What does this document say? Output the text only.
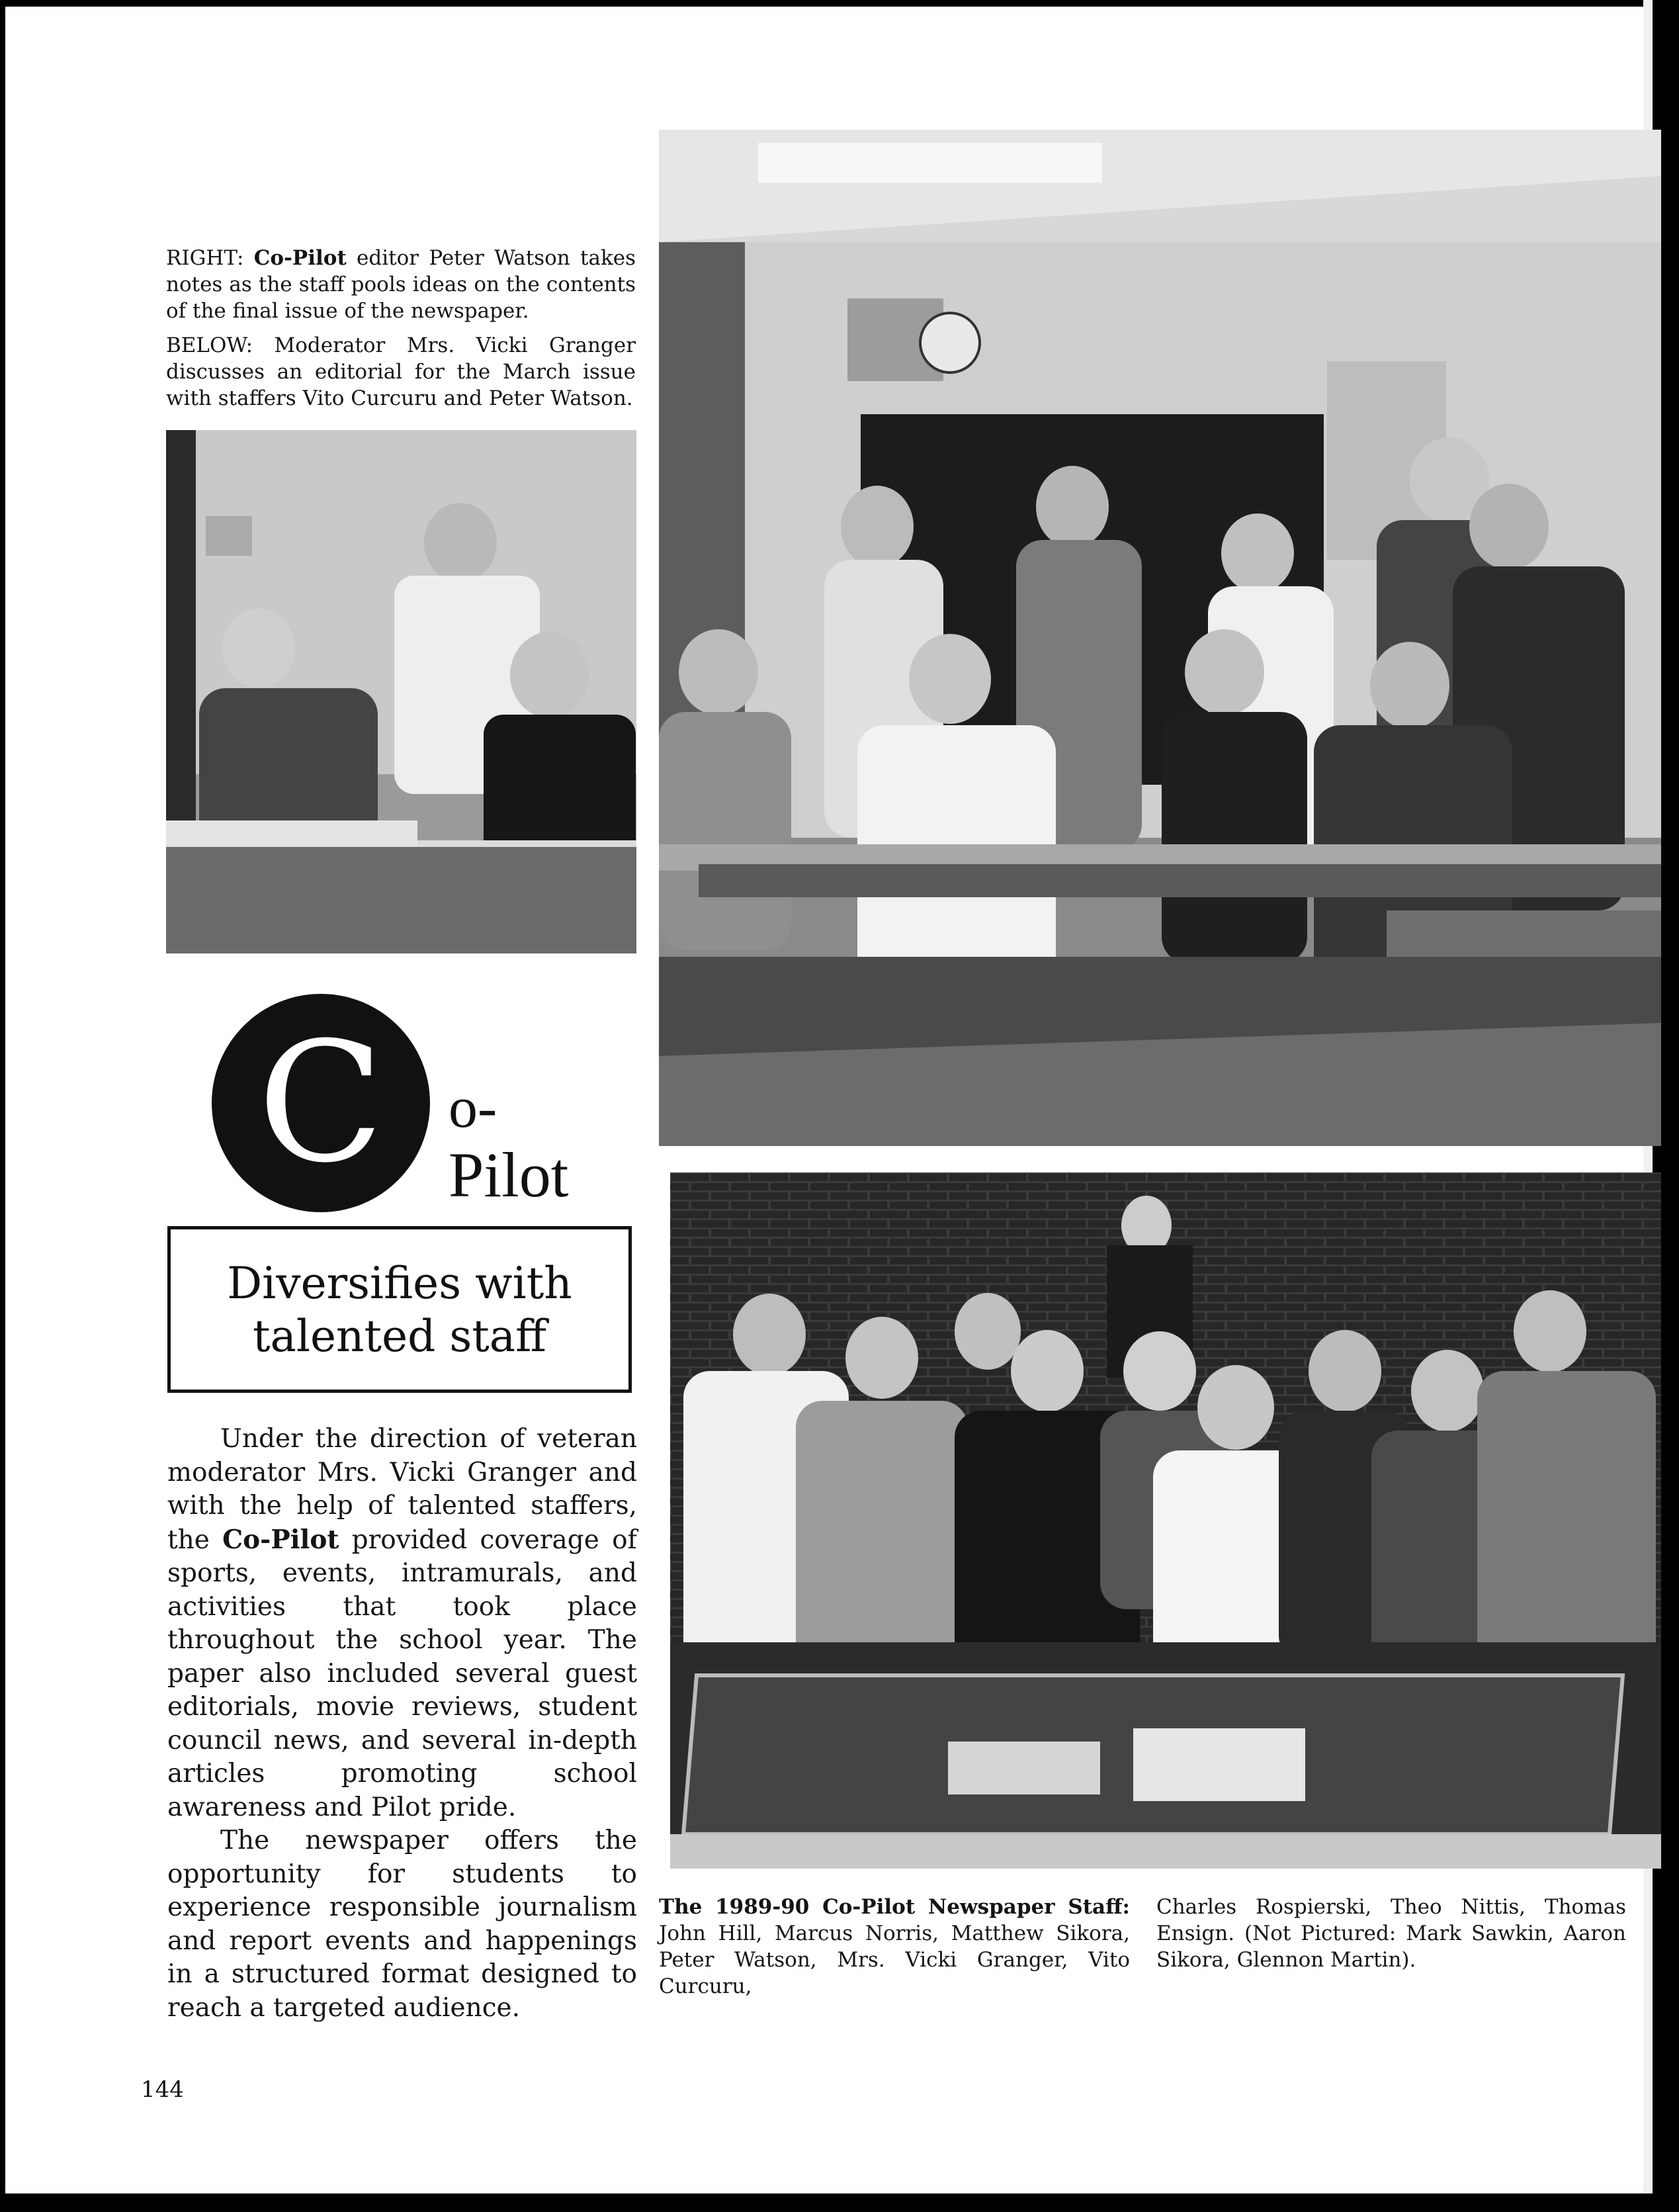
RIGHT: Co-Pilot editor Peter Watson takes notes as the staff pools ideas on the contents of the final issue of the newspaper.
BELOW: Moderator Mrs. Vicki Granger discusses an editorial for the March issue with staffers Vito Curcuru and Peter Watson.
C	o-
Pilot
Diversifies with
talented staff

Under the direction of veteran moderator Mrs. Vicki Granger and with the help of talented staffers, the Co-Pilot provided coverage of sports, events, intramurals, and activities that took place throughout the school year. The paper also included several guest editorials, movie reviews, student council news, and several in-depth articles promoting school awareness and Pilot pride.

The newspaper offers the opportunity for students to experience responsible journalism and report events and happenings in a structured format designed to reach a targeted audience.

The 1989-90 Co-Pilot Newspaper Staff: John Hill, Marcus Norris, Matthew Sikora, Peter Watson, Mrs. Vicki Granger, Vito Curcuru,
Charles Rospierski, Theo Nittis, Thomas Ensign. (Not Pictured: Mark Sawkin, Aaron Sikora, Glennon Martin).
144
